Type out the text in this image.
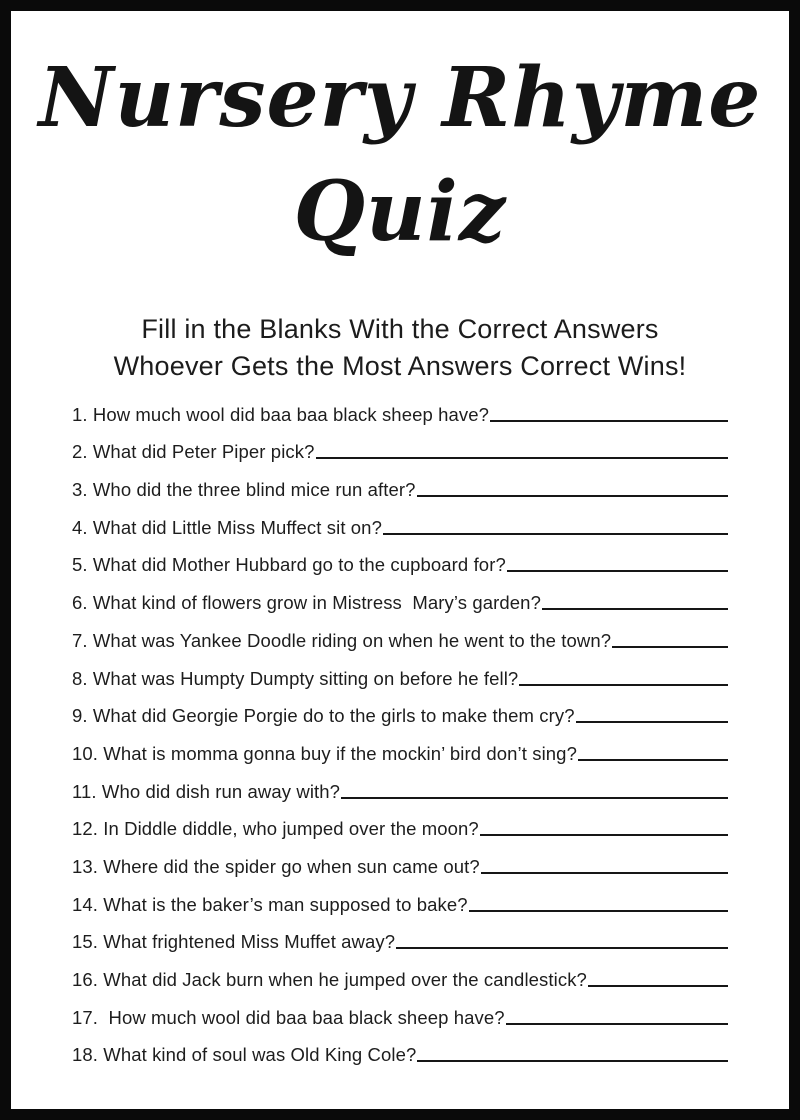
Nursery Rhyme
Quiz
Fill in the Blanks With the Correct Answers
Whoever Gets the Most Answers Correct Wins!
1. How much wool did baa baa black sheep have?
2. What did Peter Piper pick?
3. Who did the three blind mice run after?
4. What did Little Miss Muffect sit on?
5. What did Mother Hubbard go to the cupboard for?
6. What kind of flowers grow in Mistress  Mary’s garden?
7. What was Yankee Doodle riding on when he went to the town?
8. What was Humpty Dumpty sitting on before he fell?
9. What did Georgie Porgie do to the girls to make them cry?
10. What is momma gonna buy if the mockin’ bird don’t sing?
11. Who did dish run away with?
12. In Diddle diddle, who jumped over the moon?
13. Where did the spider go when sun came out?
14. What is the baker’s man supposed to bake?
15. What frightened Miss Muffet away?
16. What did Jack burn when he jumped over the candlestick?
17.  How much wool did baa baa black sheep have?
18. What kind of soul was Old King Cole?
